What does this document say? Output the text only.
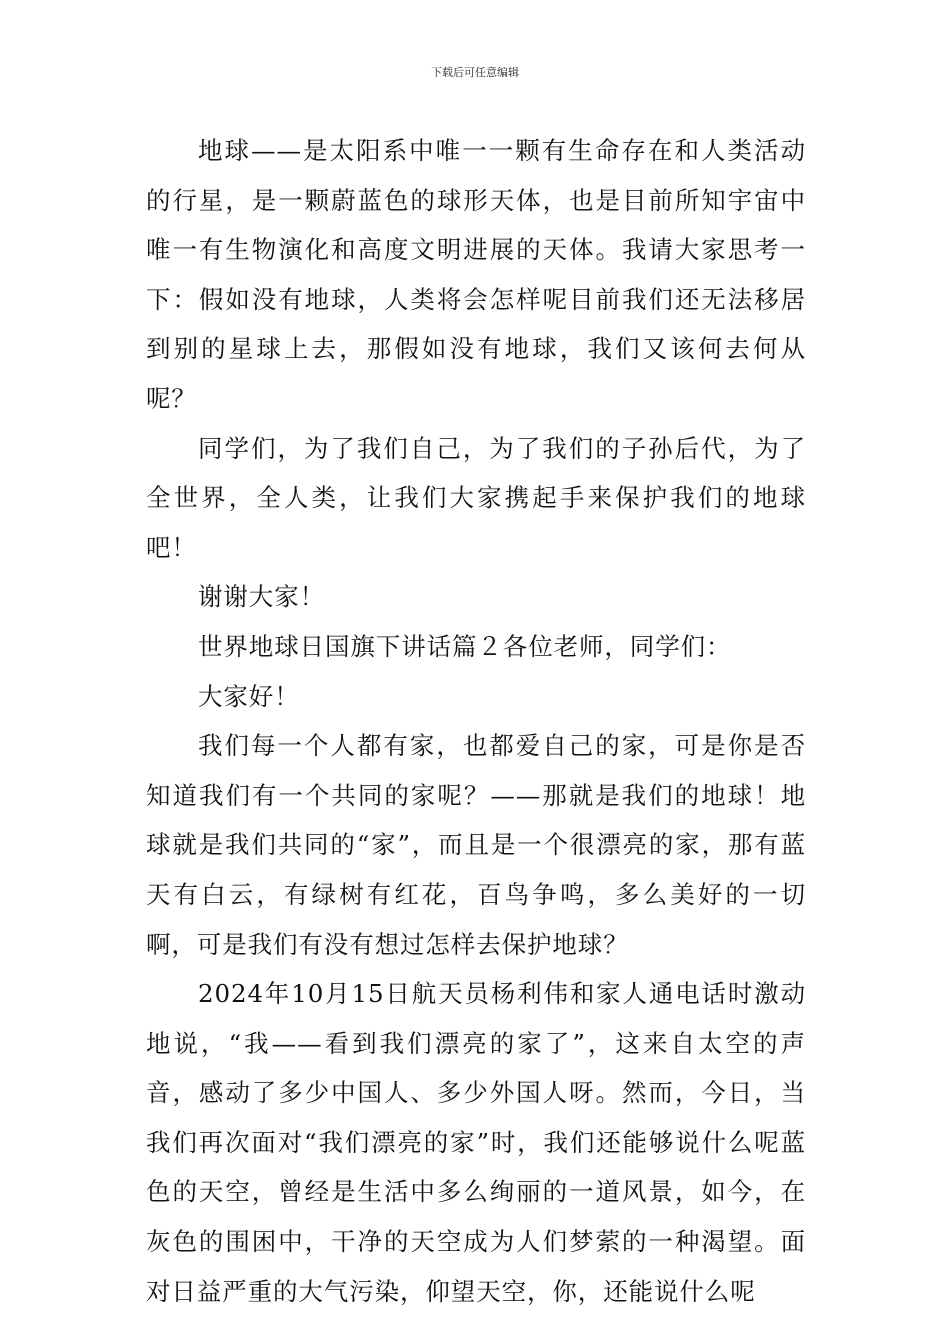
下载后可任意编辑

地球——是太阳系中唯一一颗有生命存在和人类活动的行星，是一颗蔚蓝色的球形天体，也是目前所知宇宙中唯一有生物演化和高度文明进展的天体。我请大家思考一下：假如没有地球，人类将会怎样呢目前我们还无法移居到别的星球上去，那假如没有地球，我们又该何去何从呢？

同学们，为了我们自己，为了我们的子孙后代，为了全世界，全人类，让我们大家携起手来保护我们的地球吧！

谢谢大家！

世界地球日国旗下讲话篇２各位老师，同学们：

大家好！

我们每一个人都有家，也都爱自己的家，可是你是否知道我们有一个共同的家呢？——那就是我们的地球！地球就是我们共同的“家”，而且是一个很漂亮的家，那有蓝天有白云，有绿树有红花，百鸟争鸣，多么美好的一切啊，可是我们有没有想过怎样去保护地球？

2024年10月15日航天员杨利伟和家人通电话时激动地说，“我——看到我们漂亮的家了”，这来自太空的声音，感动了多少中国人、多少外国人呀。然而，今日，当我们再次面对“我们漂亮的家”时，我们还能够说什么呢蓝色的天空，曾经是生活中多么绚丽的一道风景，如今，在灰色的围困中，干净的天空成为人们梦萦的一种渴望。面对日益严重的大气污染，仰望天空，你，还能说什么呢
